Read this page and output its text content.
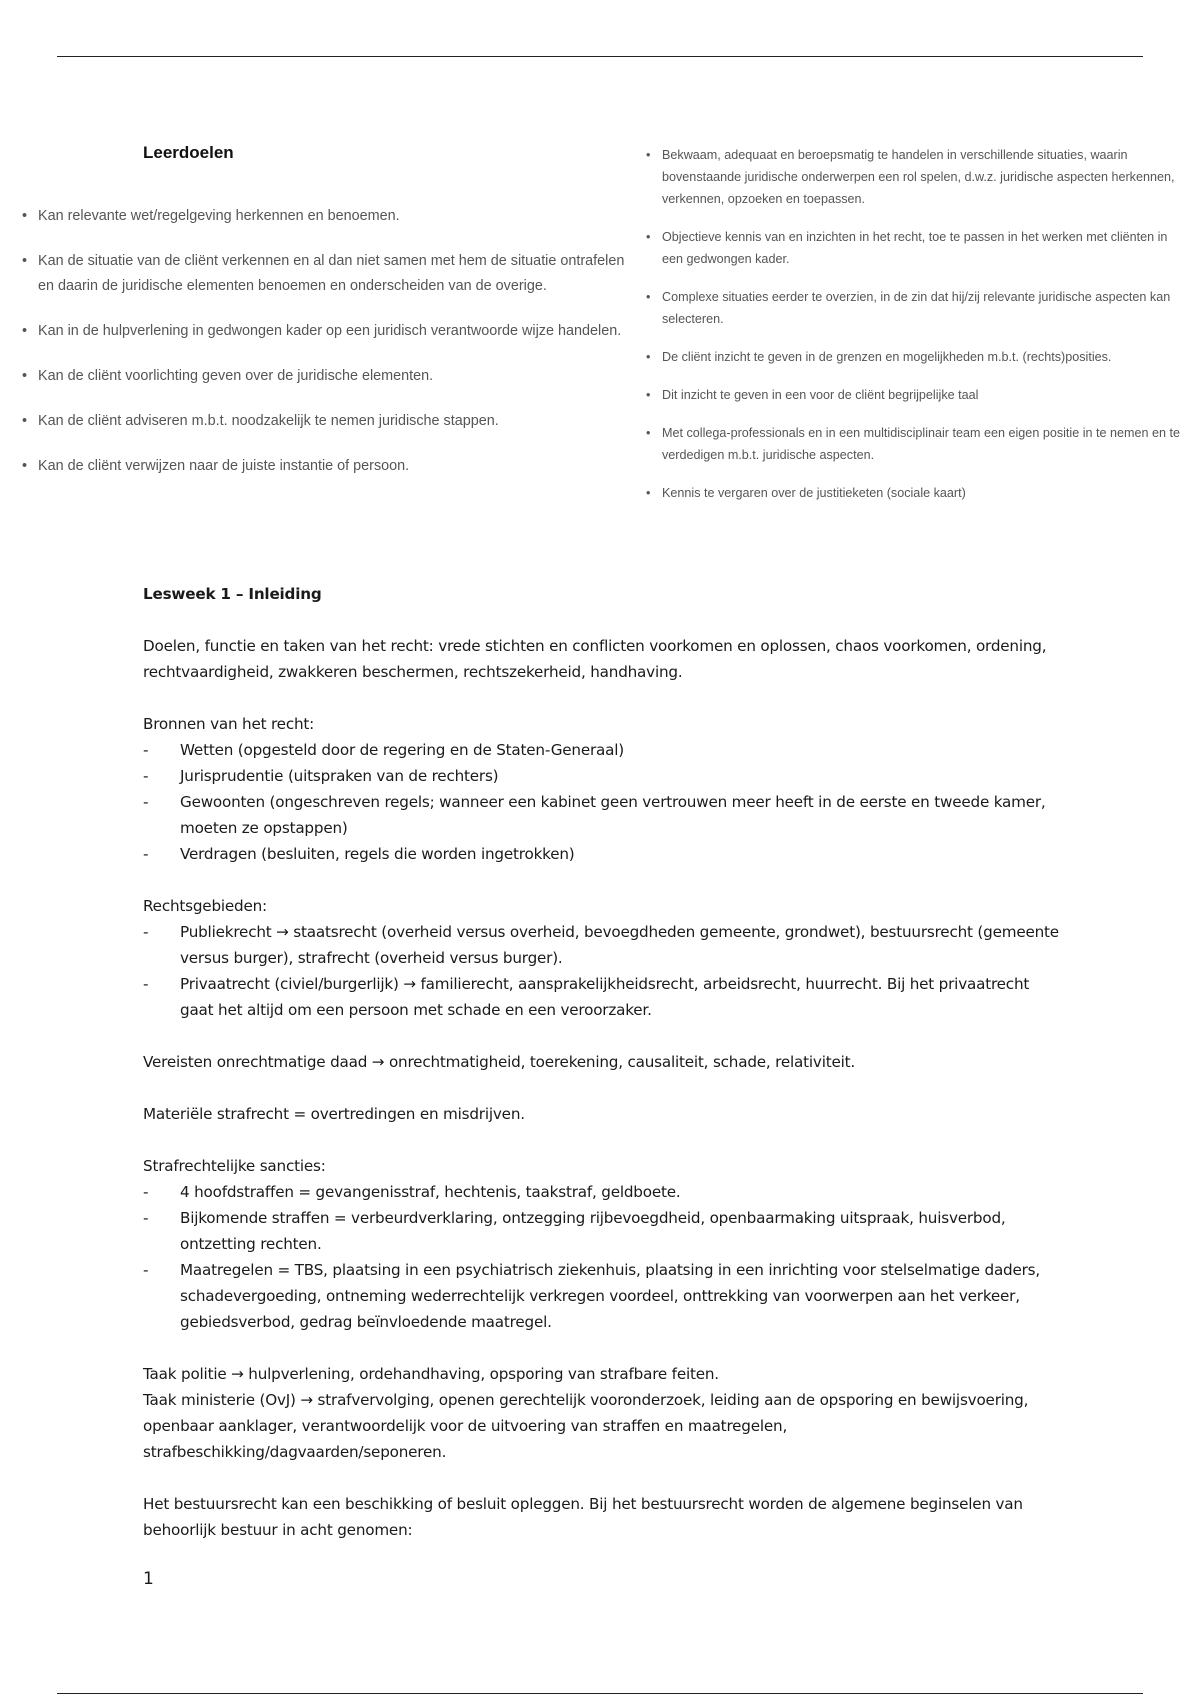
Leerdoelen
• Kan relevante wet/regelgeving herkennen en benoemen.
• Kan de situatie van de cliënt verkennen en al dan niet samen met hem de situatie ontrafelen en daarin de juridische elementen benoemen en onderscheiden van de overige.
• Kan in de hulpverlening in gedwongen kader op een juridisch verantwoorde wijze handelen.
• Kan de cliënt voorlichting geven over de juridische elementen.
• Kan de cliënt adviseren m.b.t. noodzakelijk te nemen juridische stappen.
• Kan de cliënt verwijzen naar de juiste instantie of persoon.
• Bekwaam, adequaat en beroepsmatig te handelen in verschillende situaties, waarin bovenstaande juridische onderwerpen een rol spelen, d.w.z. juridische aspecten herkennen, verkennen, opzoeken en toepassen.
• Objectieve kennis van en inzichten in het recht, toe te passen in het werken met cliënten in een gedwongen kader.
• Complexe situaties eerder te overzien, in de zin dat hij/zij relevante juridische aspecten kan selecteren.
• De cliënt inzicht te geven in de grenzen en mogelijkheden m.b.t. (rechts)posities.
• Dit inzicht te geven in een voor de cliënt begrijpelijke taal
• Met collega-professionals en in een multidisciplinair team een eigen positie in te nemen en te verdedigen m.b.t. juridische aspecten.
• Kennis te vergaren over de justitieketen (sociale kaart)

Lesweek 1 – Inleiding

Doelen, functie en taken van het recht: vrede stichten en conflicten voorkomen en oplossen, chaos voorkomen, ordening, rechtvaardigheid, zwakkeren beschermen, rechtszekerheid, handhaving.

Bronnen van het recht:

- Wetten (opgesteld door de regering en de Staten-Generaal)
- Jurisprudentie (uitspraken van de rechters)
- Gewoonten (ongeschreven regels; wanneer een kabinet geen vertrouwen meer heeft in de eerste en tweede kamer, moeten ze opstappen)
- Verdragen (besluiten, regels die worden ingetrokken)

Rechtsgebieden:

- Publiekrecht → staatsrecht (overheid versus overheid, bevoegdheden gemeente, grondwet), bestuursrecht (gemeente versus burger), strafrecht (overheid versus burger).
- Privaatrecht (civiel/burgerlijk) → familierecht, aansprakelijkheidsrecht, arbeidsrecht, huurrecht. Bij het privaatrecht gaat het altijd om een persoon met schade en een veroorzaker.

Vereisten onrechtmatige daad → onrechtmatigheid, toerekening, causaliteit, schade, relativiteit.

Materiële strafrecht = overtredingen en misdrijven.

Strafrechtelijke sancties:

- 4 hoofdstraffen = gevangenisstraf, hechtenis, taakstraf, geldboete.
- Bijkomende straffen = verbeurdverklaring, ontzegging rijbevoegdheid, openbaarmaking uitspraak, huisverbod, ontzetting rechten.
- Maatregelen = TBS, plaatsing in een psychiatrisch ziekenhuis, plaatsing in een inrichting voor stelselmatige daders, schadevergoeding, ontneming wederrechtelijk verkregen voordeel, onttrekking van voorwerpen aan het verkeer, gebiedsverbod, gedrag beïnvloedende maatregel.

Taak politie → hulpverlening, ordehandhaving, opsporing van strafbare feiten.

Taak ministerie (OvJ) → strafvervolging, openen gerechtelijk vooronderzoek, leiding aan de opsporing en bewijsvoering, openbaar aanklager, verantwoordelijk voor de uitvoering van straffen en maatregelen, strafbeschikking/dagvaarden/seponeren.

Het bestuursrecht kan een beschikking of besluit opleggen. Bij het bestuursrecht worden de algemene beginselen van behoorlijk bestuur in acht genomen:

1
